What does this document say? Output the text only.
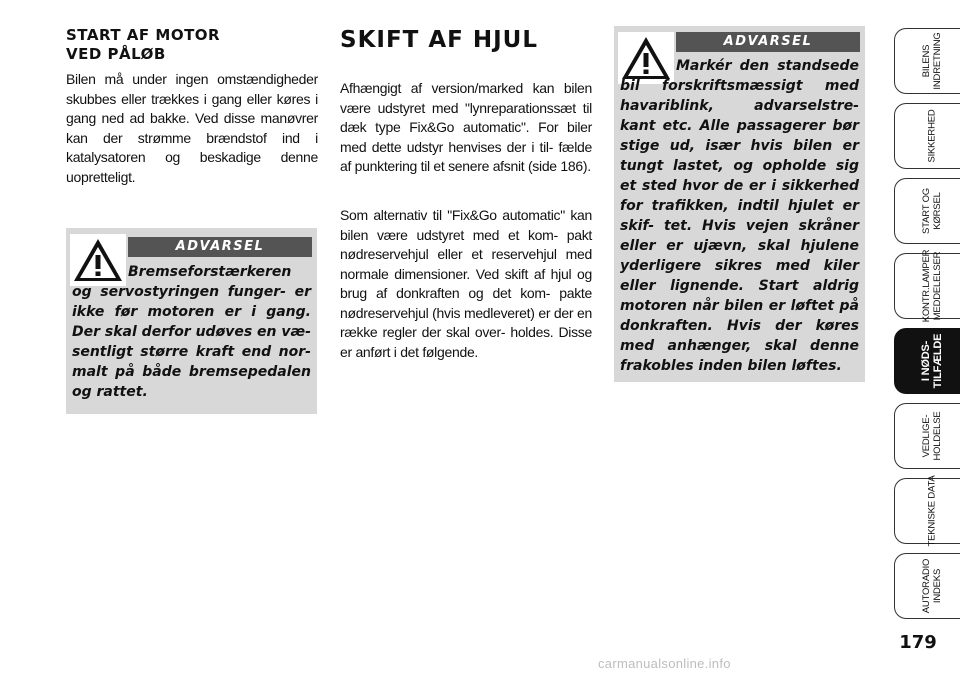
START AF MOTOR
VED PÅLØB

Bilen må under ingen omstændigheder skubbes eller trækkes i gang eller køres i gang ned ad bakke. Ved disse manøvrer kan der strømme brændstof ind i katalysatoren og beskadige denne uopretteligt.

ADVARSEL

Bremseforstærkeren og servostyringen funger- er ikke før motoren er i gang. Der skal derfor udøves en væ- sentligt større kraft end nor- malt på både bremsepedalen og rattet.

SKIFT AF HJUL

Afhængigt af version/marked kan bilen være udstyret med "lynreparationssæt til dæk type Fix&Go automatic". For biler med dette udstyr henvises der i til- fælde af punktering til et senere afsnit (side 186).

Som alternativ til "Fix&Go automatic" kan bilen være udstyret med et kom- pakt nødreservehjul eller et reservehjul med normale dimensioner. Ved skift af hjul og brug af donkraften og det kom- pakte nødreservehjul (hvis medleveret) er der en række regler der skal over- holdes. Disse er anført i det følgende.

ADVARSEL

Markér den standsede bil forskriftsmæssigt med havariblink, advarselstre- kant etc. Alle passagerer bør stige ud, især hvis bilen er tungt lastet, og opholde sig et sted hvor de er i sikkerhed for trafikken, indtil hjulet er skif- tet. Hvis vejen skråner eller er ujævn, skal hjulene yderligere sikres med kiler eller lignende. Start aldrig motoren når bilen er løftet på donkraften. Hvis der køres med anhænger, skal denne frakobles inden bilen løftes.

BILENS
INDRETNING
SIKKERHED
START OG
KØRSEL
KONTR.LAMPER
MEDDELELSER
I NØDS-
TILFÆLDE
VEDLIGE-
HOLDELSE
TEKNISKE DATA
AUTORADIO
INDEKS
179
carmanualsonline.info
